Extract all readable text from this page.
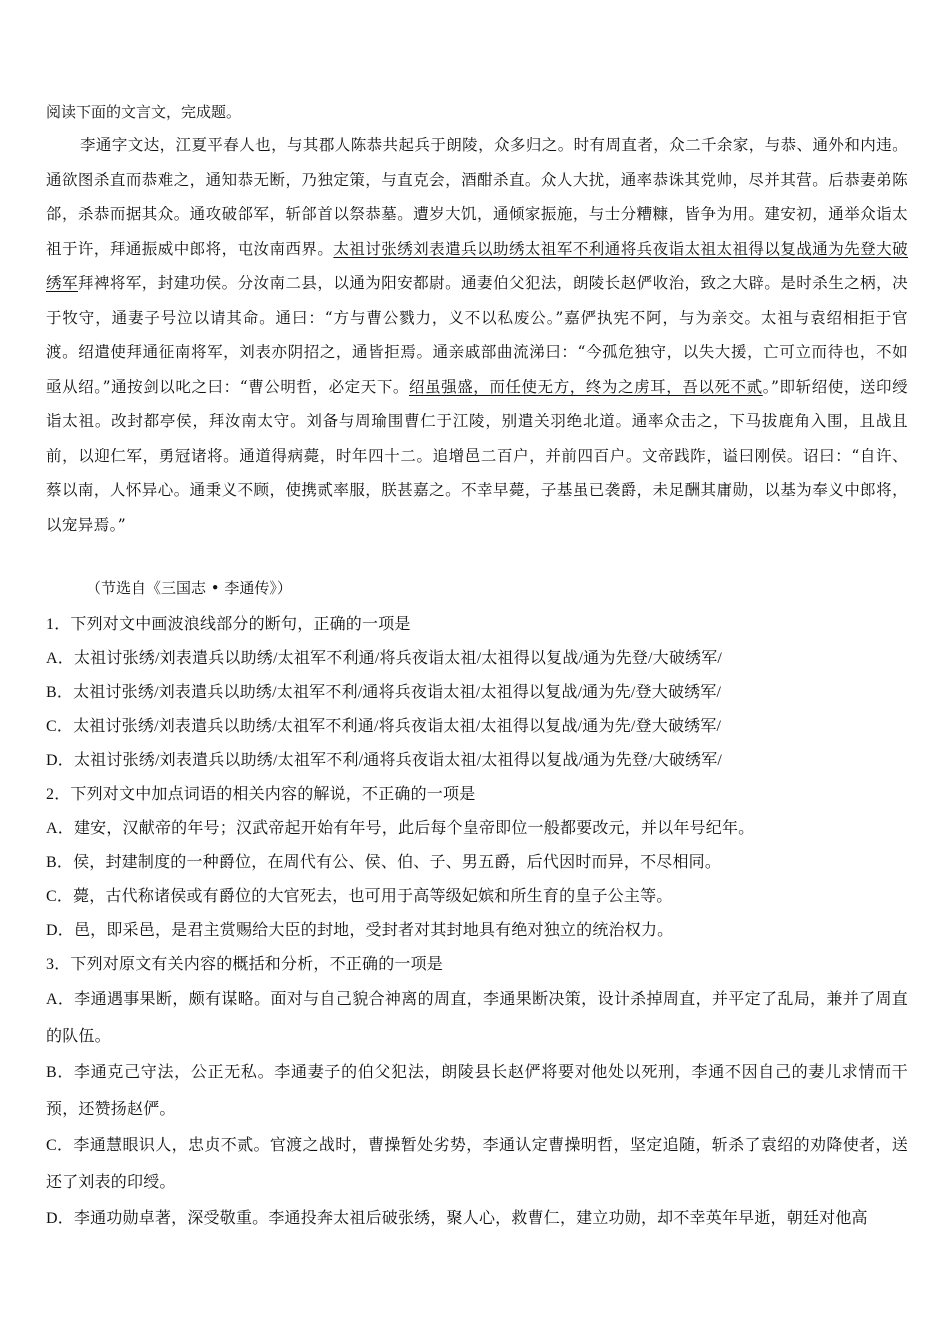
阅读下面的文言文，完成题。

李通字文达，江夏平春人也，与其郡人陈恭共起兵于朗陵，众多归之。时有周直者，众二千余家，与恭、通外和内违。通欲图杀直而恭难之，通知恭无断，乃独定策，与直克会，酒酣杀直。众人大扰，通率恭诛其党帅，尽并其营。后恭妻弟陈郃，杀恭而据其众。通攻破郃军，斩郃首以祭恭墓。遭岁大饥，通倾家振施，与士分糟糠，皆争为用。建安初，通举众诣太祖于许，拜通振威中郎将，屯汝南西界。太祖讨张绣刘表遣兵以助绣太祖军不利通将兵夜诣太祖太祖得以复战通为先登大破绣军拜裨将军，封建功侯。分汝南二县，以通为阳安都尉。通妻伯父犯法，朗陵长赵俨收治，致之大辟。是时杀生之柄，决于牧守，通妻子号泣以请其命。通曰：“方与曹公戮力，义不以私废公。”嘉俨执宪不阿，与为亲交。太祖与袁绍相拒于官渡。绍遣使拜通征南将军，刘表亦阴招之，通皆拒焉。通亲戚部曲流涕曰：“今孤危独守，以失大援，亡可立而待也，不如亟从绍。”通按剑以叱之曰：“曹公明哲，必定天下。绍虽强盛，而任使无方，终为之虏耳，吾以死不贰。”即斩绍使，送印绶诣太祖。改封都亭侯，拜汝南太守。刘备与周瑜围曹仁于江陵，别遣关羽绝北道。通率众击之，下马拔鹿角入围，且战且前，以迎仁军，勇冠诸将。通道得病薨，时年四十二。追增邑二百户，并前四百户。文帝践阼，谥曰刚侯。诏曰：“自许、蔡以南，人怀异心。通秉义不顾，使携贰率服，朕甚嘉之。不幸早薨，子基虽已袭爵，未足酬其庸勋，以基为奉义中郎将，以宠异焉。”

（节选自《三国志 • 李通传》）

1．下列对文中画波浪线部分的断句，正确的一项是

A．太祖讨张绣/刘表遣兵以助绣/太祖军不利通/将兵夜诣太祖/太祖得以复战/通为先登/大破绣军/

B．太祖讨张绣/刘表遣兵以助绣/太祖军不利/通将兵夜诣太祖/太祖得以复战/通为先/登大破绣军/

C．太祖讨张绣/刘表遣兵以助绣/太祖军不利通/将兵夜诣太祖/太祖得以复战/通为先/登大破绣军/

D．太祖讨张绣/刘表遣兵以助绣/太祖军不利/通将兵夜诣太祖/太祖得以复战/通为先登/大破绣军/

2．下列对文中加点词语的相关内容的解说，不正确的一项是

A．建安，汉献帝的年号；汉武帝起开始有年号，此后每个皇帝即位一般都要改元，并以年号纪年。

B．侯，封建制度的一种爵位，在周代有公、侯、伯、子、男五爵，后代因时而异，不尽相同。

C．薨，古代称诸侯或有爵位的大官死去，也可用于高等级妃嫔和所生育的皇子公主等。

D．邑，即采邑，是君主赏赐给大臣的封地，受封者对其封地具有绝对独立的统治权力。

3．下列对原文有关内容的概括和分析，不正确的一项是

A．李通遇事果断，颇有谋略。面对与自己貌合神离的周直，李通果断决策，设计杀掉周直，并平定了乱局，兼并了周直的队伍。

B．李通克己守法，公正无私。李通妻子的伯父犯法，朗陵县长赵俨将要对他处以死刑，李通不因自己的妻儿求情而干预，还赞扬赵俨。

C．李通慧眼识人，忠贞不贰。官渡之战时，曹操暂处劣势，李通认定曹操明哲，坚定追随，斩杀了袁绍的劝降使者，送还了刘表的印绶。

D．李通功勋卓著，深受敬重。李通投奔太祖后破张绣，聚人心，救曹仁，建立功勋，却不幸英年早逝，朝廷对他高
